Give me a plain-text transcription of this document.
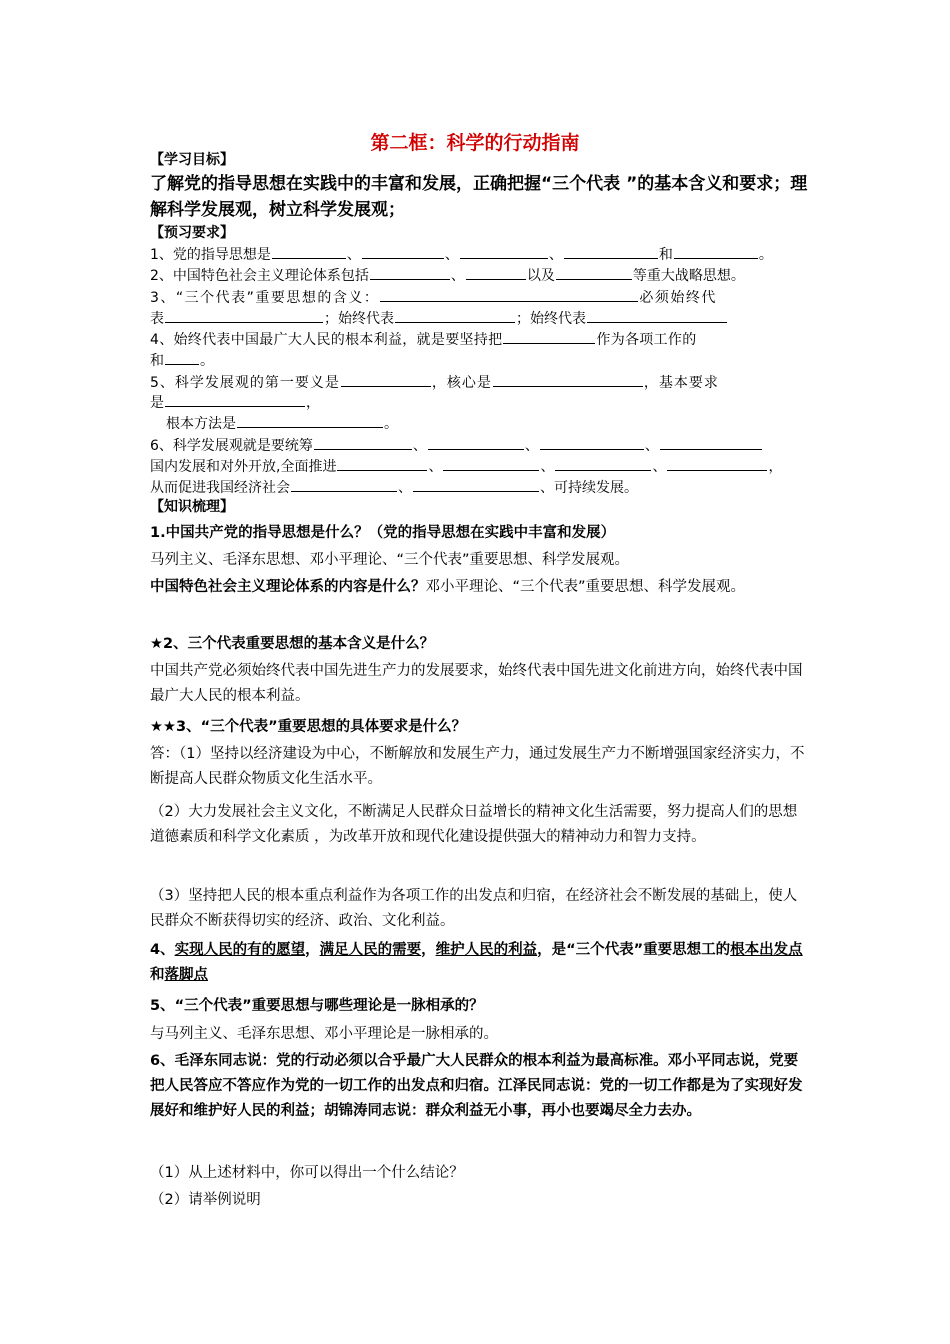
第二框：科学的行动指南
【学习目标】
了解党的指导思想在实践中的丰富和发展，正确把握“三个代表 ”的基本含义和要求；理解科学发展观，树立科学发展观；
【预习要求】
1、党的指导思想是	、	、	、	和	。
2、中国特色社会主义理论体系包括	、	以及	等重大战略思想。
3、“三个代表”重要思想的含义：	必须始终代
表	；始终代表	；始终代表
4、始终代表中国最广大人民的根本利益，就是要坚持把	作为各项工作的
和	。
5、科学发展观的第一要义是	，核心是	，基本要求
是	，
根本方法是	。
6、科学发展观就是要统筹	、	、	、
国内发展和对外开放,全面推进	、	、	、	，
从而促进我国经济社会	、	、可持续发展。
【知识梳理】
1.中国共产党的指导思想是什么？（党的指导思想在实践中丰富和发展）
马列主义、毛泽东思想、邓小平理论、“三个代表”重要思想、科学发展观。
中国特色社会主义理论体系的内容是什么？邓小平理论、“三个代表”重要思想、科学发展观。
★2、三个代表重要思想的基本含义是什么？
中国共产党必须始终代表中国先进生产力的发展要求，始终代表中国先进文化前进方向，始终代表中国最广大人民的根本利益。
★★3、“三个代表”重要思想的具体要求是什么？
答：（1）坚持以经济建设为中心，不断解放和发展生产力，通过发展生产力不断增强国家经济实力，不断提高人民群众物质文化生活水平。
（2）大力发展社会主义文化，不断满足人民群众日益增长的精神文化生活需要，努力提高人们的思想道德素质和科学文化素质 ，为改革开放和现代化建设提供强大的精神动力和智力支持。
（3）坚持把人民的根本重点利益作为各项工作的出发点和归宿，在经济社会不断发展的基础上，使人民群众不断获得切实的经济、政治、文化利益。
4、实现人民的有的愿望，满足人民的需要，维护人民的利益，是“三个代表”重要思想工的根本出发点和落脚点
5、“三个代表”重要思想与哪些理论是一脉相承的？
与马列主义、毛泽东思想、邓小平理论是一脉相承的。
6、毛泽东同志说：党的行动必须以合乎最广大人民群众的根本利益为最高标准。邓小平同志说，党要把人民答应不答应作为党的一切工作的出发点和归宿。江泽民同志说：党的一切工作都是为了实现好发展好和维护好人民的利益；胡锦涛同志说：群众利益无小事，再小也要竭尽全力去办。
（1）从上述材料中，你可以得出一个什么结论？
（2）请举例说明
